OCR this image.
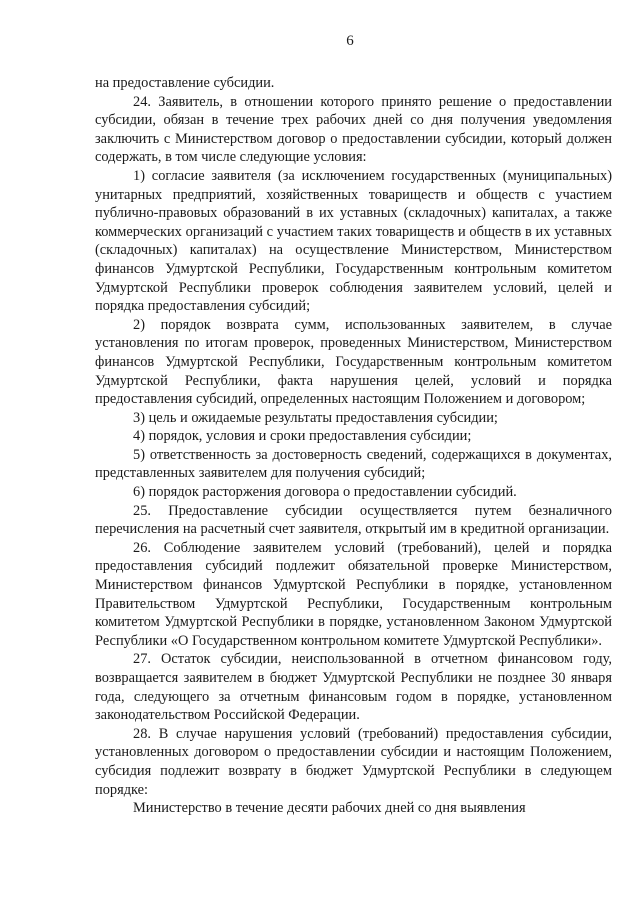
6

на предоставление субсидии.

24. Заявитель, в отношении которого принято решение о предоставлении субсидии, обязан в течение трех рабочих дней со дня получения уведомления заключить с Министерством договор о предоставлении субсидии, который должен содержать, в том числе следующие условия:

1) согласие заявителя (за исключением государственных (муниципальных) унитарных предприятий, хозяйственных товариществ и обществ с участием публично-правовых образований в их уставных (складочных) капиталах, а также коммерческих организаций с участием таких товариществ и обществ в их уставных (складочных) капиталах) на осуществление Министерством, Министерством финансов Удмуртской Республики, Государственным контрольным комитетом Удмуртской Республики проверок соблюдения заявителем условий, целей и порядка предоставления субсидий;

2) порядок возврата сумм, использованных заявителем, в случае установления по итогам проверок, проведенных Министерством, Министерством финансов Удмуртской Республики, Государственным контрольным комитетом Удмуртской Республики, факта нарушения целей, условий и порядка предоставления субсидий, определенных настоящим Положением и договором;

3) цель и ожидаемые результаты предоставления субсидии;

4) порядок, условия и сроки предоставления субсидии;

5) ответственность за достоверность сведений, содержащихся в документах, представленных заявителем для получения субсидий;

6) порядок расторжения договора о предоставлении субсидий.

25. Предоставление субсидии осуществляется путем безналичного перечисления на расчетный счет заявителя, открытый им в кредитной организации.

26. Соблюдение заявителем условий (требований), целей и порядка предоставления субсидий подлежит обязательной проверке Министерством, Министерством финансов Удмуртской Республики в порядке, установленном Правительством Удмуртской Республики, Государственным контрольным комитетом Удмуртской Республики в порядке, установленном Законом Удмуртской Республики «О Государственном контрольном комитете Удмуртской Республики».

27. Остаток субсидии, неиспользованной в отчетном финансовом году, возвращается заявителем в бюджет Удмуртской Республики не позднее 30 января года, следующего за отчетным финансовым годом в порядке, установленном законодательством Российской Федерации.

28. В случае нарушения условий (требований) предоставления субсидии, установленных договором о предоставлении субсидии и настоящим Положением, субсидия подлежит возврату в бюджет Удмуртской Республики в следующем порядке:

Министерство в течение десяти рабочих дней со дня выявления
